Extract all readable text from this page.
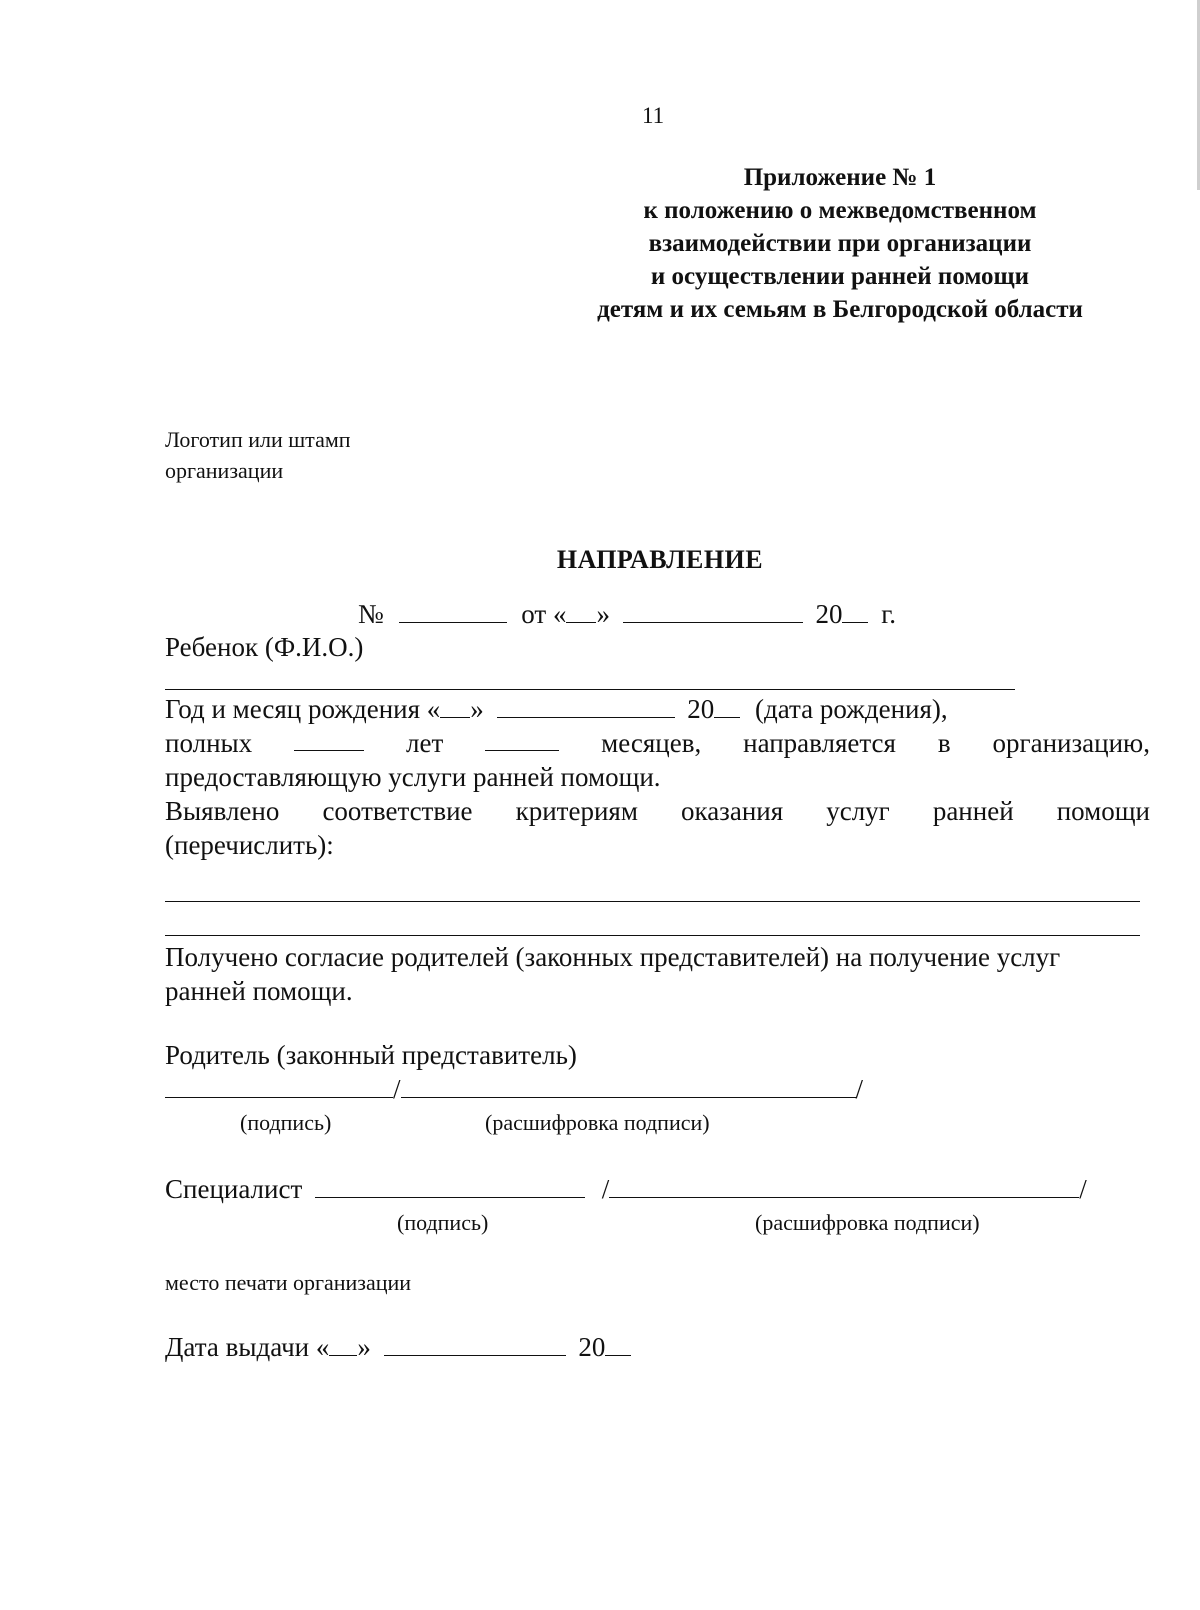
11
Приложение № 1
к положению о межведомственном
взаимодействии при организации
и осуществлении ранней помощи
детям и их семьям в Белгородской области
Логотип или штамп
организации
НАПРАВЛЕНИЕ
№	от « »	20 г.
Ребенок (Ф.И.О.)
Год и месяц рождения « »	20 (дата рождения),
полных	лет	месяцев, направляется в организацию,
предоставляющую услуги ранней помощи.
Выявлено соответствие критериям оказания услуг ранней помощи
(перечислить):
Получено согласие родителей (законных представителей) на получение услуг
ранней помощи.
Родитель (законный представитель)
/	/
(подпись)	(расшифровка подписи)
Специалист	/	/
(подпись)	(расшифровка подписи)
место печати организации
Дата выдачи « »	20
